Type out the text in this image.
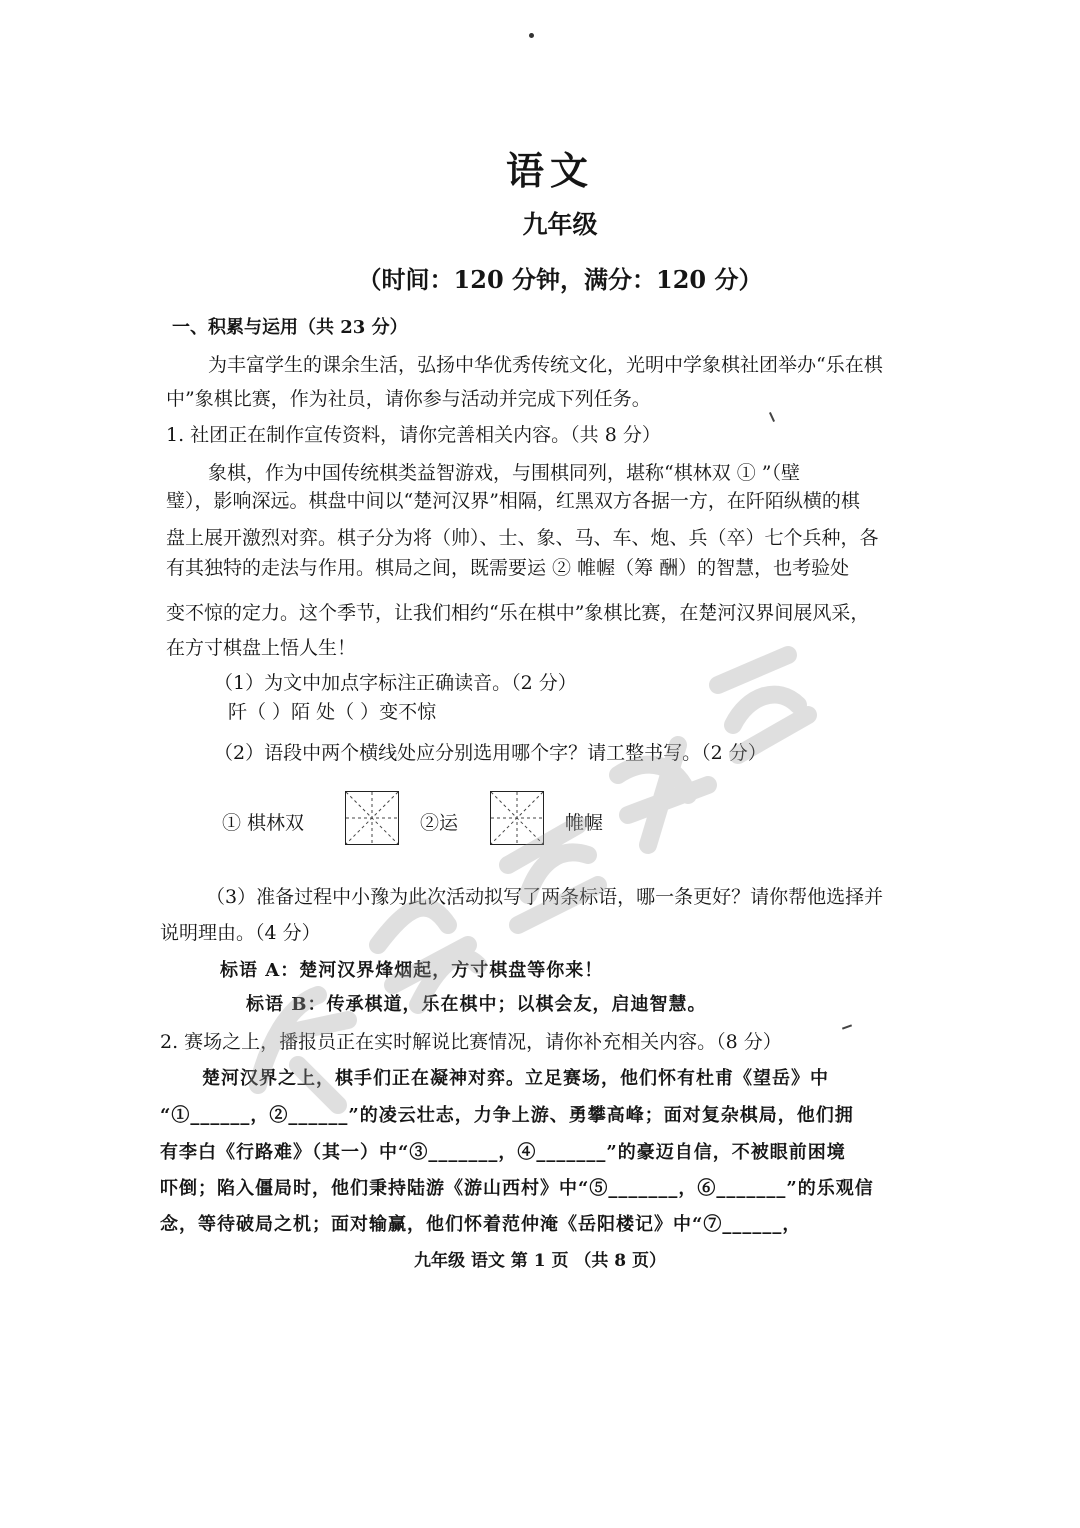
语文
九年级
（时间：120 分钟，满分：120 分）
一、积累与运用（共 23 分）
为丰富学生的课余生活，弘扬中华优秀传统文化，光明中学象棋社团举办“乐在棋
中”象棋比赛，作为社员，请你参与活动并完成下列任务。
1. 社团正在制作宣传资料，请你完善相关内容。（共 8 分）
象棋，作为中国传统棋类益智游戏，与围棋同列，堪称“棋林双 ① ”（壁
璧），影响深远。棋盘中间以“楚河汉界”相隔，红黑双方各据一方，在阡陌纵横的棋
盘上展开激烈对弈。棋子分为将（帅）、士、象、马、车、炮、兵（卒）七个兵种，各
有其独特的走法与作用。棋局之间，既需要运 ② 帷幄（筹 酬）的智慧，也考验处
变不惊的定力。这个季节，让我们相约“乐在棋中”象棋比赛，在楚河汉界间展风采，
在方寸棋盘上悟人生！
（1）为文中加点字标注正确读音。（2 分）
阡（ ）陌 处（ ）变不惊
（2）语段中两个横线处应分别选用哪个字？请工整书写。（2 分）
① 棋林双	②运	帷幄
（3）准备过程中小豫为此次活动拟写了两条标语，哪一条更好？请你帮他选择并
说明理由。（4 分）
标语 A：楚河汉界烽烟起，方寸棋盘等你来！
标语 B：传承棋道，乐在棋中；以棋会友，启迪智慧。
2. 赛场之上，播报员正在实时解说比赛情况，请你补充相关内容。（8 分）
楚河汉界之上，棋手们正在凝神对弈。立足赛场，他们怀有杜甫《望岳》中
“①______，②______”的凌云壮志，力争上游、勇攀高峰；面对复杂棋局，他们拥
有李白《行路难》（其一）中“③_______，④_______”的豪迈自信，不被眼前困境
吓倒；陷入僵局时，他们秉持陆游《游山西村》中“⑤_______，⑥_______”的乐观信
念，等待破局之机；面对输赢，他们怀着范仲淹《岳阳楼记》中“⑦______，
九年级 语文 第 1 页 （共 8 页）
